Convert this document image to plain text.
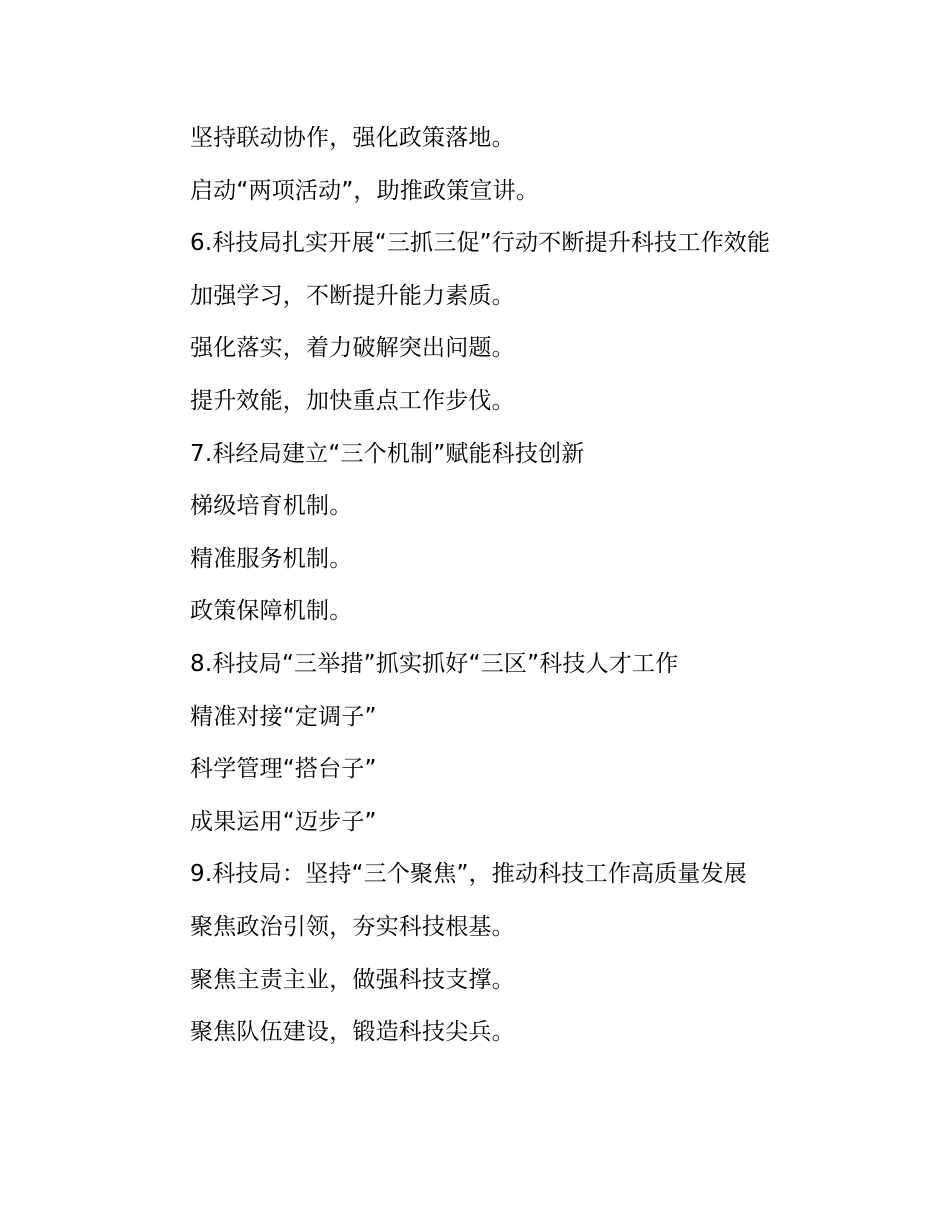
坚持联动协作，强化政策落地。
启动“两项活动”，助推政策宣讲。
6.科技局扎实开展“三抓三促”行动不断提升科技工作效能
加强学习，不断提升能力素质。
强化落实，着力破解突出问题。
提升效能，加快重点工作步伐。
7.科经局建立“三个机制”赋能科技创新
梯级培育机制。
精准服务机制。
政策保障机制。
8.科技局“三举措”抓实抓好“三区”科技人才工作
精准对接“定调子”
科学管理“搭台子”
成果运用“迈步子”
9.科技局：坚持“三个聚焦”，推动科技工作高质量发展
聚焦政治引领，夯实科技根基。
聚焦主责主业，做强科技支撑。
聚焦队伍建设，锻造科技尖兵。
